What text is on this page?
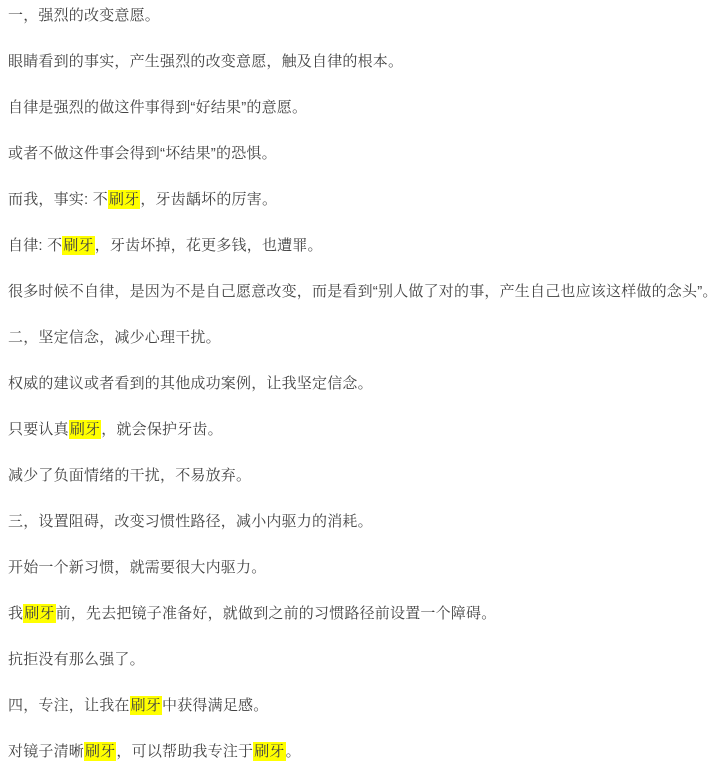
一，强烈的改变意愿。

眼睛看到的事实，产生强烈的改变意愿，触及自律的根本。

自律是强烈的做这件事得到“好结果”的意愿。

或者不做这件事会得到“坏结果”的恐惧。

而我，事实: 不刷牙，牙齿龋坏的厉害。

自律: 不刷牙，牙齿坏掉，花更多钱，也遭罪。

很多时候不自律，是因为不是自己愿意改变，而是看到“别人做了对的事，产生自己也应该这样做的念头”。

二，坚定信念，减少心理干扰。

权威的建议或者看到的其他成功案例，让我坚定信念。

只要认真刷牙，就会保护牙齿。

减少了负面情绪的干扰，不易放弃。

三，设置阻碍，改变习惯性路径，减小内驱力的消耗。

开始一个新习惯，就需要很大内驱力。

我刷牙前，先去把镜子准备好，就做到之前的习惯路径前设置一个障碍。

抗拒没有那么强了。

四，专注，让我在刷牙中获得满足感。

对镜子清晰刷牙，可以帮助我专注于刷牙。
